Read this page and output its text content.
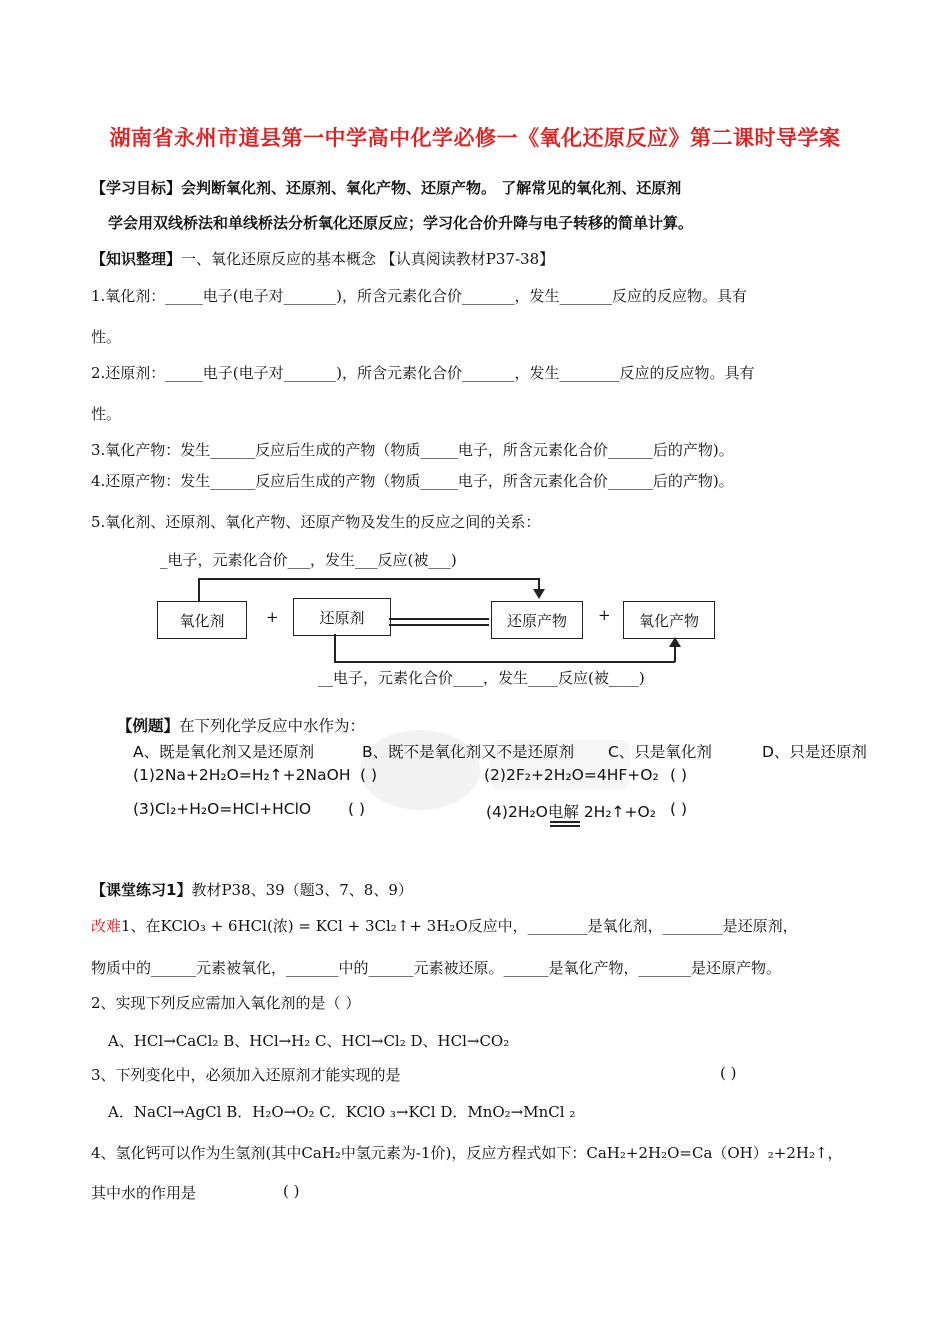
湖南省永州市道县第一中学高中化学必修一《氧化还原反应》第二课时导学案
【学习目标】会判断氧化剂、还原剂、氧化产物、还原产物。 了解常见的氧化剂、还原剂
学会用双线桥法和单线桥法分析氧化还原反应；学习化合价升降与电子转移的简单计算。
【知识整理】一、氧化还原反应的基本概念 【认真阅读教材P37-38】
1.氧化剂：_____电子(电子对_______)，所含元素化合价_______，发生_______反应的反应物。具有
性。
2.还原剂：_____电子(电子对_______)，所含元素化合价_______，发生________反应的反应物。具有
性。
3.氧化产物：发生______反应后生成的产物（物质_____电子，所含元素化合价______后的产物)。
4.还原产物：发生______反应后生成的产物（物质_____电子，所含元素化合价______后的产物)。
5.氧化剂、还原剂、氧化产物、还原产物及发生的反应之间的关系：
_电子，元素化合价___，发生___反应(被___)
氧化剂	+	还原剂	还原产物	+	氧化产物
__电子，元素化合价____，发生____反应(被____)
【例题】在下列化学反应中水作为：
A、既是氧化剂又是还原剂	B、既不是氧化剂又不是还原剂 C、只是氧化剂	D、只是还原剂
(1)2Na+2H₂O=H₂↑+2NaOH ( )	(2)2F₂+2H₂O=4HF+O₂ ( )
(3)Cl₂+H₂O=HCl+HClO ( )	(4)2H₂O电解 2H₂↑+O₂ ( )
【课堂练习1】教材P38、39（题3、7、8、9）
改难1、在KClO₃ + 6HCl(浓) = KCl + 3Cl₂↑+ 3H₂O反应中，________是氧化剂，________是还原剂，
物质中的______元素被氧化，_______中的______元素被还原。______是氧化产物，_______是还原产物。
2、实现下列反应需加入氧化剂的是（ ）
A、HCl→CaCl₂ B、HCl→H₂ C、HCl→Cl₂ D、HCl→CO₂
3、下列变化中，必须加入还原剂才能实现的是	( )
A．NaCl→AgCl B．H₂O→O₂ C．KClO ₃→KCl D．MnO₂→MnCl ₂
4、氢化钙可以作为生氢剂(其中CaH₂中氢元素为-1价)，反应方程式如下：CaH₂+2H₂O=Ca（OH）₂+2H₂↑，
其中水的作用是	( )
